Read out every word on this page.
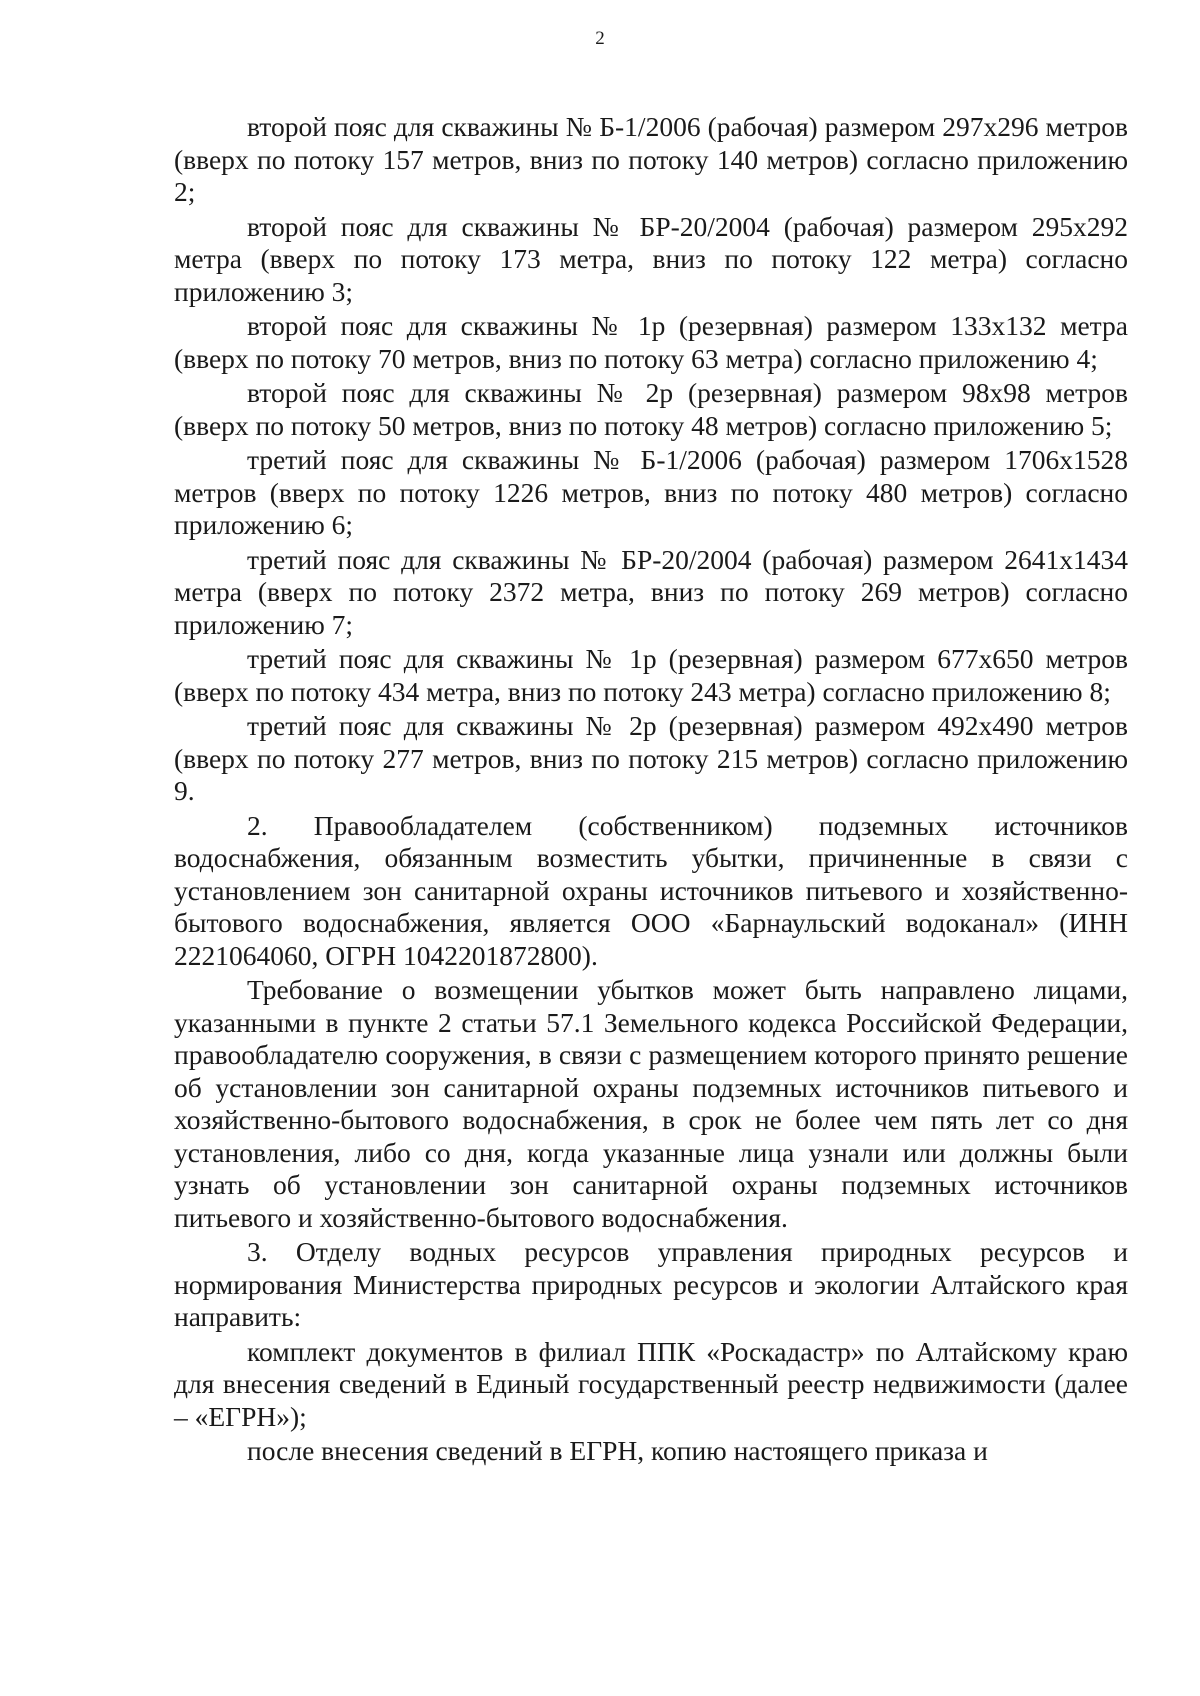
2

второй пояс для скважины № Б-1/2006 (рабочая) размером 297х296 метров (вверх по потоку 157 метров, вниз по потоку 140 метров) согласно приложению 2;

второй пояс для скважины № БР-20/2004 (рабочая) размером 295х292 метра (вверх по потоку 173 метра, вниз по потоку 122 метра) согласно приложению 3;

второй пояс для скважины № 1р (резервная) размером 133х132 метра (вверх по потоку 70 метров, вниз по потоку 63 метра) согласно приложению 4;

второй пояс для скважины № 2р (резервная) размером 98х98 метров (вверх по потоку 50 метров, вниз по потоку 48 метров) согласно приложению 5;

третий пояс для скважины № Б-1/2006 (рабочая) размером 1706х1528 метров (вверх по потоку 1226 метров, вниз по потоку 480 метров) согласно приложению 6;

третий пояс для скважины № БР-20/2004 (рабочая) размером 2641х1434 метра (вверх по потоку 2372 метра, вниз по потоку 269 метров) согласно приложению 7;

третий пояс для скважины № 1р (резервная) размером 677х650 метров (вверх по потоку 434 метра, вниз по потоку 243 метра) согласно приложению 8;

третий пояс для скважины № 2р (резервная) размером 492х490 метров (вверх по потоку 277 метров, вниз по потоку 215 метров) согласно приложению 9.

2. Правообладателем (собственником) подземных источников водоснабжения, обязанным возместить убытки, причиненные в связи с установлением зон санитарной охраны источников питьевого и хозяйственно-бытового водоснабжения, является ООО «Барнаульский водоканал» (ИНН 2221064060, ОГРН 1042201872800).

Требование о возмещении убытков может быть направлено лицами, указанными в пункте 2 статьи 57.1 Земельного кодекса Российской Федерации, правообладателю сооружения, в связи с размещением которого принято решение об установлении зон санитарной охраны подземных источников питьевого и хозяйственно-бытового водоснабжения, в срок не более чем пять лет со дня установления, либо со дня, когда указанные лица узнали или должны были узнать об установлении зон санитарной охраны подземных источников питьевого и хозяйственно-бытового водоснабжения.

3. Отделу водных ресурсов управления природных ресурсов и нормирования Министерства природных ресурсов и экологии Алтайского края направить:

комплект документов в филиал ППК «Роскадастр» по Алтайскому краю для внесения сведений в Единый государственный реестр недвижимости (далее – «ЕГРН»);

после внесения сведений в ЕГРН, копию настоящего приказа и
